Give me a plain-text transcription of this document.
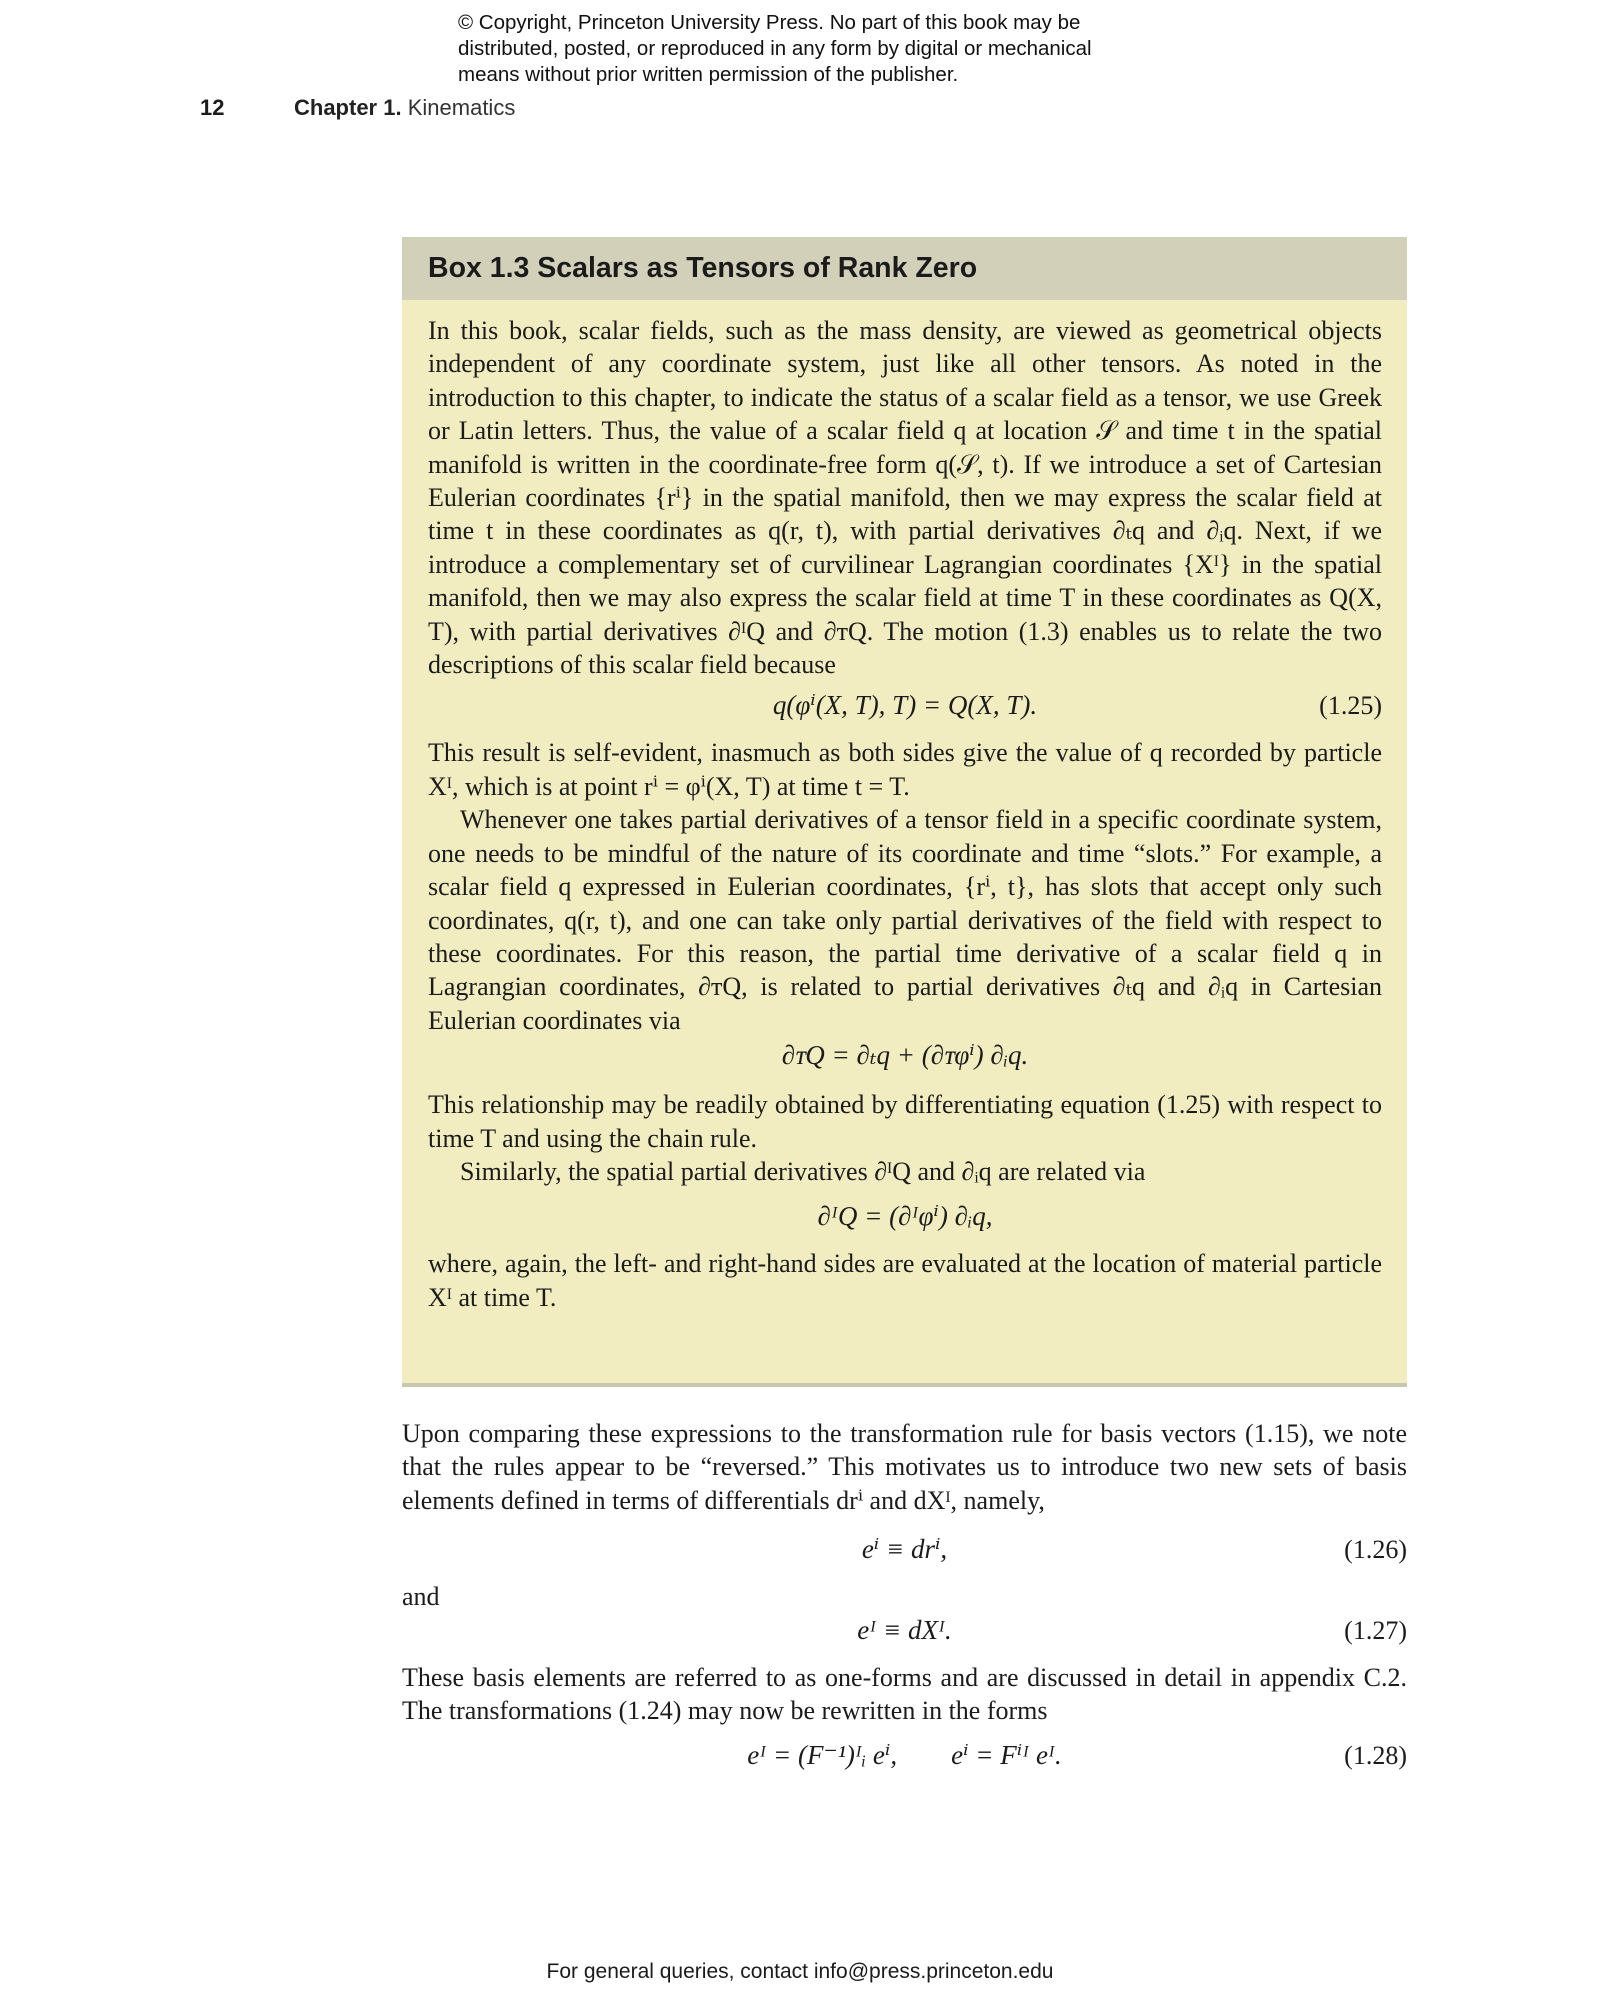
© Copyright, Princeton University Press. No part of this book may be
distributed, posted, or reproduced in any form by digital or mechanical
means without prior written permission of the publisher.
12	Chapter 1. Kinematics
Box 1.3 Scalars as Tensors of Rank Zero

In this book, scalar fields, such as the mass density, are viewed as geometrical objects independent of any coordinate system, just like all other tensors. As noted in the introduction to this chapter, to indicate the status of a scalar field as a tensor, we use Greek or Latin letters. Thus, the value of a scalar field q at location 𝒮 and time t in the spatial manifold is written in the coordinate-free form q(𝒮, t). If we introduce a set of Cartesian Eulerian coordinates {rⁱ} in the spatial manifold, then we may express the scalar field at time t in these coordinates as q(r, t), with partial derivatives ∂ₜq and ∂ᵢq. Next, if we introduce a complementary set of curvilinear Lagrangian coordinates {Xᴵ} in the spatial manifold, then we may also express the scalar field at time T in these coordinates as Q(X, T), with partial derivatives ∂ᴵQ and ∂ᴛQ. The motion (1.3) enables us to relate the two descriptions of this scalar field because

q(φⁱ(X, T), T) = Q(X, T).	(1.25)

This result is self-evident, inasmuch as both sides give the value of q recorded by particle Xᴵ, which is at point rⁱ = φⁱ(X, T) at time t = T.

Whenever one takes partial derivatives of a tensor field in a specific coordinate system, one needs to be mindful of the nature of its coordinate and time “slots.” For example, a scalar field q expressed in Eulerian coordinates, {rⁱ, t}, has slots that accept only such coordinates, q(r, t), and one can take only partial derivatives of the field with respect to these coordinates. For this reason, the partial time derivative of a scalar field q in Lagrangian coordinates, ∂ᴛQ, is related to partial derivatives ∂ₜq and ∂ᵢq in Cartesian Eulerian coordinates via

∂ᴛQ = ∂ₜq + (∂ᴛφⁱ) ∂ᵢq.

This relationship may be readily obtained by differentiating equation (1.25) with respect to time T and using the chain rule.

Similarly, the spatial partial derivatives ∂ᴵQ and ∂ᵢq are related via

∂ᴵQ = (∂ᴵφⁱ) ∂ᵢq,

where, again, the left- and right-hand sides are evaluated at the location of material particle Xᴵ at time T.

Upon comparing these expressions to the transformation rule for basis vectors (1.15), we note that the rules appear to be “reversed.” This motivates us to introduce two new sets of basis elements defined in terms of differentials drⁱ and dXᴵ, namely,

eⁱ ≡ drⁱ,	(1.26)

and

eᴵ ≡ dXᴵ.	(1.27)

These basis elements are referred to as one-forms and are discussed in detail in appendix C.2. The transformations (1.24) may now be rewritten in the forms

eᴵ = (F⁻¹)ᴵᵢ eⁱ,        eⁱ = Fⁱᴵ eᴵ.	(1.28)
For general queries, contact info@press.princeton.edu
